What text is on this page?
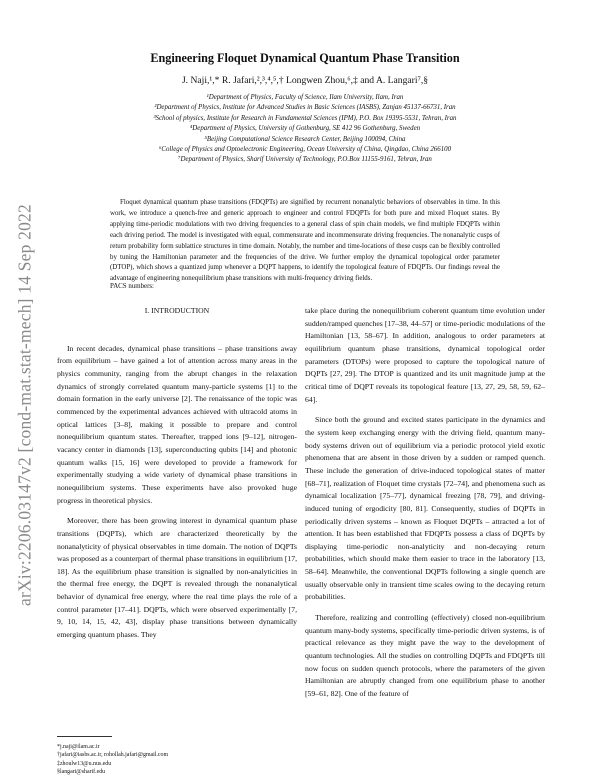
arXiv:2206.03147v2 [cond-mat.stat-mech] 14 Sep 2022
Engineering Floquet Dynamical Quantum Phase Transition
J. Naji,¹,* R. Jafari,²,³,⁴,⁵,† Longwen Zhou,⁶,‡ and A. Langari⁷,§
¹Department of Physics, Faculty of Science, Ilam University, Ilam, Iran
²Department of Physics, Institute for Advanced Studies in Basic Sciences (IASBS), Zanjan 45137-66731, Iran
³School of physics, Institute for Research in Fundamental Sciences (IPM), P.O. Box 19395-5531, Tehran, Iran
⁴Department of Physics, University of Gothenburg, SE 412 96 Gothenburg, Sweden
⁵Beijing Computational Science Research Center, Beijing 100094, China
⁶College of Physics and Optoelectronic Engineering, Ocean University of China, Qingdao, China 266100
⁷Department of Physics, Sharif University of Technology, P.O.Box 11155-9161, Tehran, Iran
Floquet dynamical quantum phase transitions (FDQPTs) are signified by recurrent nonanalytic behaviors of observables in time. In this work, we introduce a quench-free and generic approach to engineer and control FDQPTs for both pure and mixed Floquet states. By applying time-periodic modulations with two driving frequencies to a general class of spin chain models, we find multiple FDQPTs within each driving period. The model is investigated with equal, commensurate and incommensurate driving frequencies. The nonanalytic cusps of return probability form sublattice structures in time domain. Notably, the number and time-locations of these cusps can be flexibly controlled by tuning the Hamiltonian parameter and the frequencies of the drive. We further employ the dynamical topological order parameter (DTOP), which shows a quantized jump whenever a DQPT happens, to identify the topological feature of FDQPTs. Our findings reveal the advantage of engineering nonequilibrium phase transitions with multi-frequency driving fields.
PACS numbers:
I. INTRODUCTION

In recent decades, dynamical phase transitions – phase transitions away from equilibrium – have gained a lot of attention across many areas in the physics community, ranging from the abrupt changes in the relaxation dynamics of strongly correlated quantum many-particle systems [1] to the domain formation in the early universe [2]. The renaissance of the topic was commenced by the experimental advances achieved with ultracold atoms in optical lattices [3–8], making it possible to prepare and control nonequilibrium quantum states. Thereafter, trapped ions [9–12], nitrogen-vacancy center in diamonds [13], superconducting qubits [14] and photonic quantum walks [15, 16] were developed to provide a framework for experimentally studying a wide variety of dynamical phase transitions in nonequilibrium systems. These experiments have also provoked huge progress in theoretical physics.

Moreover, there has been growing interest in dynamical quantum phase transitions (DQPTs), which are characterized theoretically by the nonanalyticity of physical observables in time domain. The notion of DQPTs was proposed as a counterpart of thermal phase transitions in equilibrium [17, 18]. As the equilibrium phase transition is signalled by non-analyticities in the thermal free energy, the DQPT is revealed through the nonanalytical behavior of dynamical free energy, where the real time plays the role of a control parameter [17–41]. DQPTs, which were observed experimentally [7, 9, 10, 14, 15, 42, 43], display phase transitions between dynamically emerging quantum phases. They

take place during the nonequilibrium coherent quantum time evolution under sudden/ramped quenches [17–38, 44–57] or time-periodic modulations of the Hamiltonian [13, 58–67]. In addition, analogous to order parameters at equilibrium quantum phase transitions, dynamical topological order parameters (DTOPs) were proposed to capture the topological nature of DQPTs [27, 29]. The DTOP is quantized and its unit magnitude jump at the critical time of DQPT reveals its topological feature [13, 27, 29, 58, 59, 62–64].

Since both the ground and excited states participate in the dynamics and the system keep exchanging energy with the driving field, quantum many-body systems driven out of equilibrium via a periodic protocol yield exotic phenomena that are absent in those driven by a sudden or ramped quench. These include the generation of drive-induced topological states of matter [68–71], realization of Floquet time crystals [72–74], and phenomena such as dynamical localization [75–77], dynamical freezing [78, 79], and driving-induced tuning of ergodicity [80, 81]. Consequently, studies of DQPTs in periodically driven systems – known as Floquet DQPTs – attracted a lot of attention. It has been established that FDQPTs possess a class of DQPTs by displaying time-periodic non-analyticity and non-decaying return probabilities, which should make them easier to trace in the laboratory [13, 58–64]. Meanwhile, the conventional DQPTs following a single quench are usually observable only in transient time scales owing to the decaying return probabilities.

Therefore, realizing and controlling (effectively) closed non-equilibrium quantum many-body systems, specifically time-periodic driven systems, is of practical relevance as they might pave the way to the development of quantum technologies. All the studies on controlling DQPTs and FDQPTs till now focus on sudden quench protocols, where the parameters of the given Hamiltonian are abruptly changed from one equilibrium phase to another [59–61, 82]. One of the feature of

*j.naji@ilam.ac.ir
†jafari@iasbs.ac.ir, rohollah.jafari@gmail.com
‡zhoulw13@u.nus.edu
§langari@sharif.edu
